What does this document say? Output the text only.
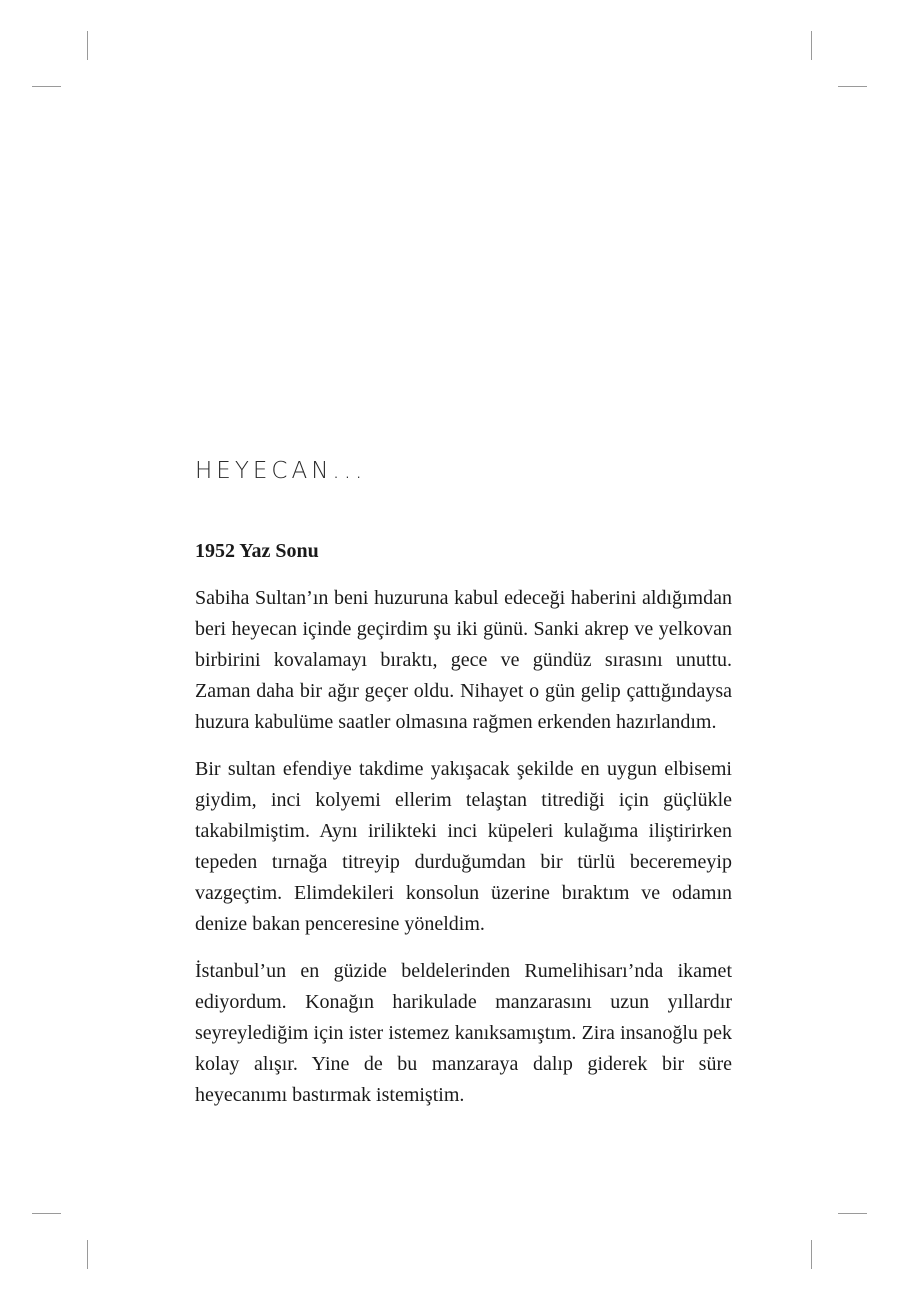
HEYECAN...
1952 Yaz Sonu

Sabiha Sultan’ın beni huzuruna kabul edeceği haberini aldığımdan beri heyecan içinde geçirdim şu iki günü. Sanki akrep ve yelkovan birbirini kovalamayı bıraktı, gece ve gündüz sırasını unuttu. Zaman daha bir ağır geçer oldu. Nihayet o gün gelip çattığındaysa huzura kabulüme saatler olmasına rağmen erkenden hazırlandım.

Bir sultan efendiye takdime yakışacak şekilde en uygun elbisemi giydim, inci kolyemi ellerim telaştan titrediği için güçlükle takabilmiştim. Aynı irilikteki inci küpeleri kulağıma iliştirirken tepeden tırnağa titreyip durduğumdan bir türlü beceremeyip vazgeçtim. Elimdekileri konsolun üzerine bıraktım ve odamın denize bakan penceresine yöneldim.

İstanbul’un en güzide beldelerinden Rumelihisarı’nda ikamet ediyordum. Konağın harikulade manzarasını uzun yıllardır seyreylediğim için ister istemez kanıksamıştım. Zira insanoğlu pek kolay alışır. Yine de bu manzaraya dalıp giderek bir süre heyecanımı bastırmak istemiştim.
